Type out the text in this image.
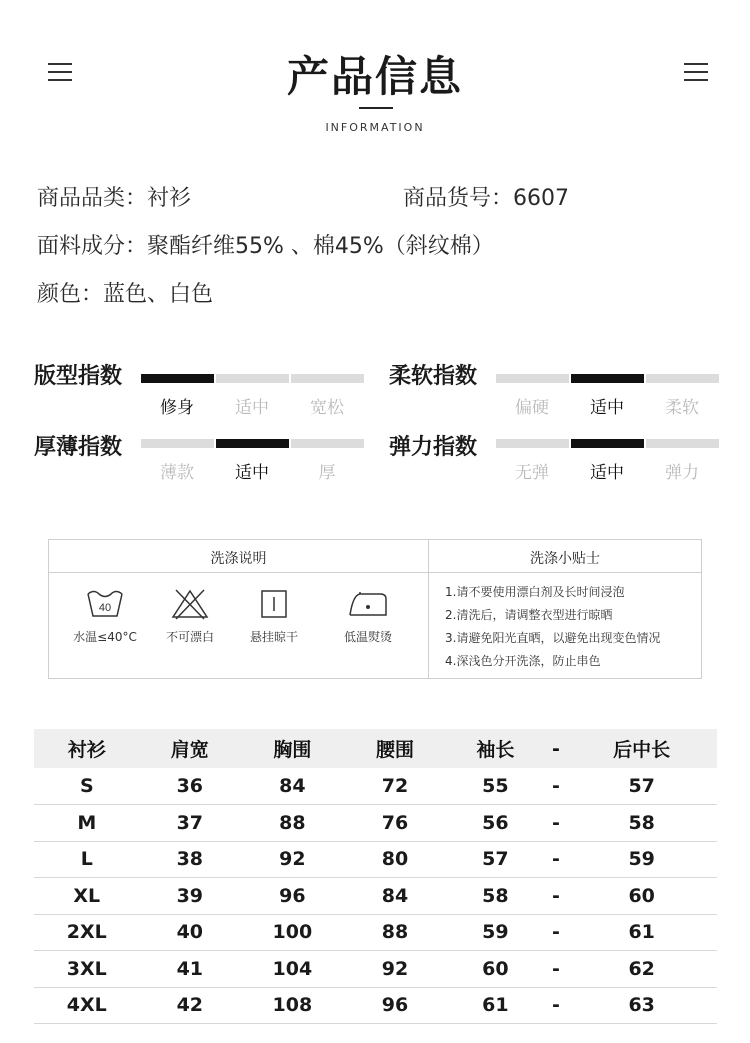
产品信息
INFORMATION
商品品类：衬衫	商品货号：6607
面料成分：聚酯纤维55% 、棉45%（斜纹棉）
颜色：蓝色、白色
版型指数
修身	适中	宽松
柔软指数
偏硬	适中	柔软
厚薄指数
薄款	适中	厚
弹力指数
无弹	适中	弹力
洗涤说明	洗涤小贴士
40
水温≤40°C	不可漂白	悬挂晾干	低温熨烫
1.请不要使用漂白剂及长时间浸泡
2.清洗后，请调整衣型进行晾晒
3.请避免阳光直晒，以避免出现变色情况
4.深浅色分开洗涤，防止串色
衬衫	肩宽	胸围	腰围	袖长	-	后中长
S	36	84	72	55	-	57
M	37	88	76	56	-	58
L	38	92	80	57	-	59
XL	39	96	84	58	-	60
2XL	40	100	88	59	-	61
3XL	41	104	92	60	-	62
4XL	42	108	96	61	-	63
